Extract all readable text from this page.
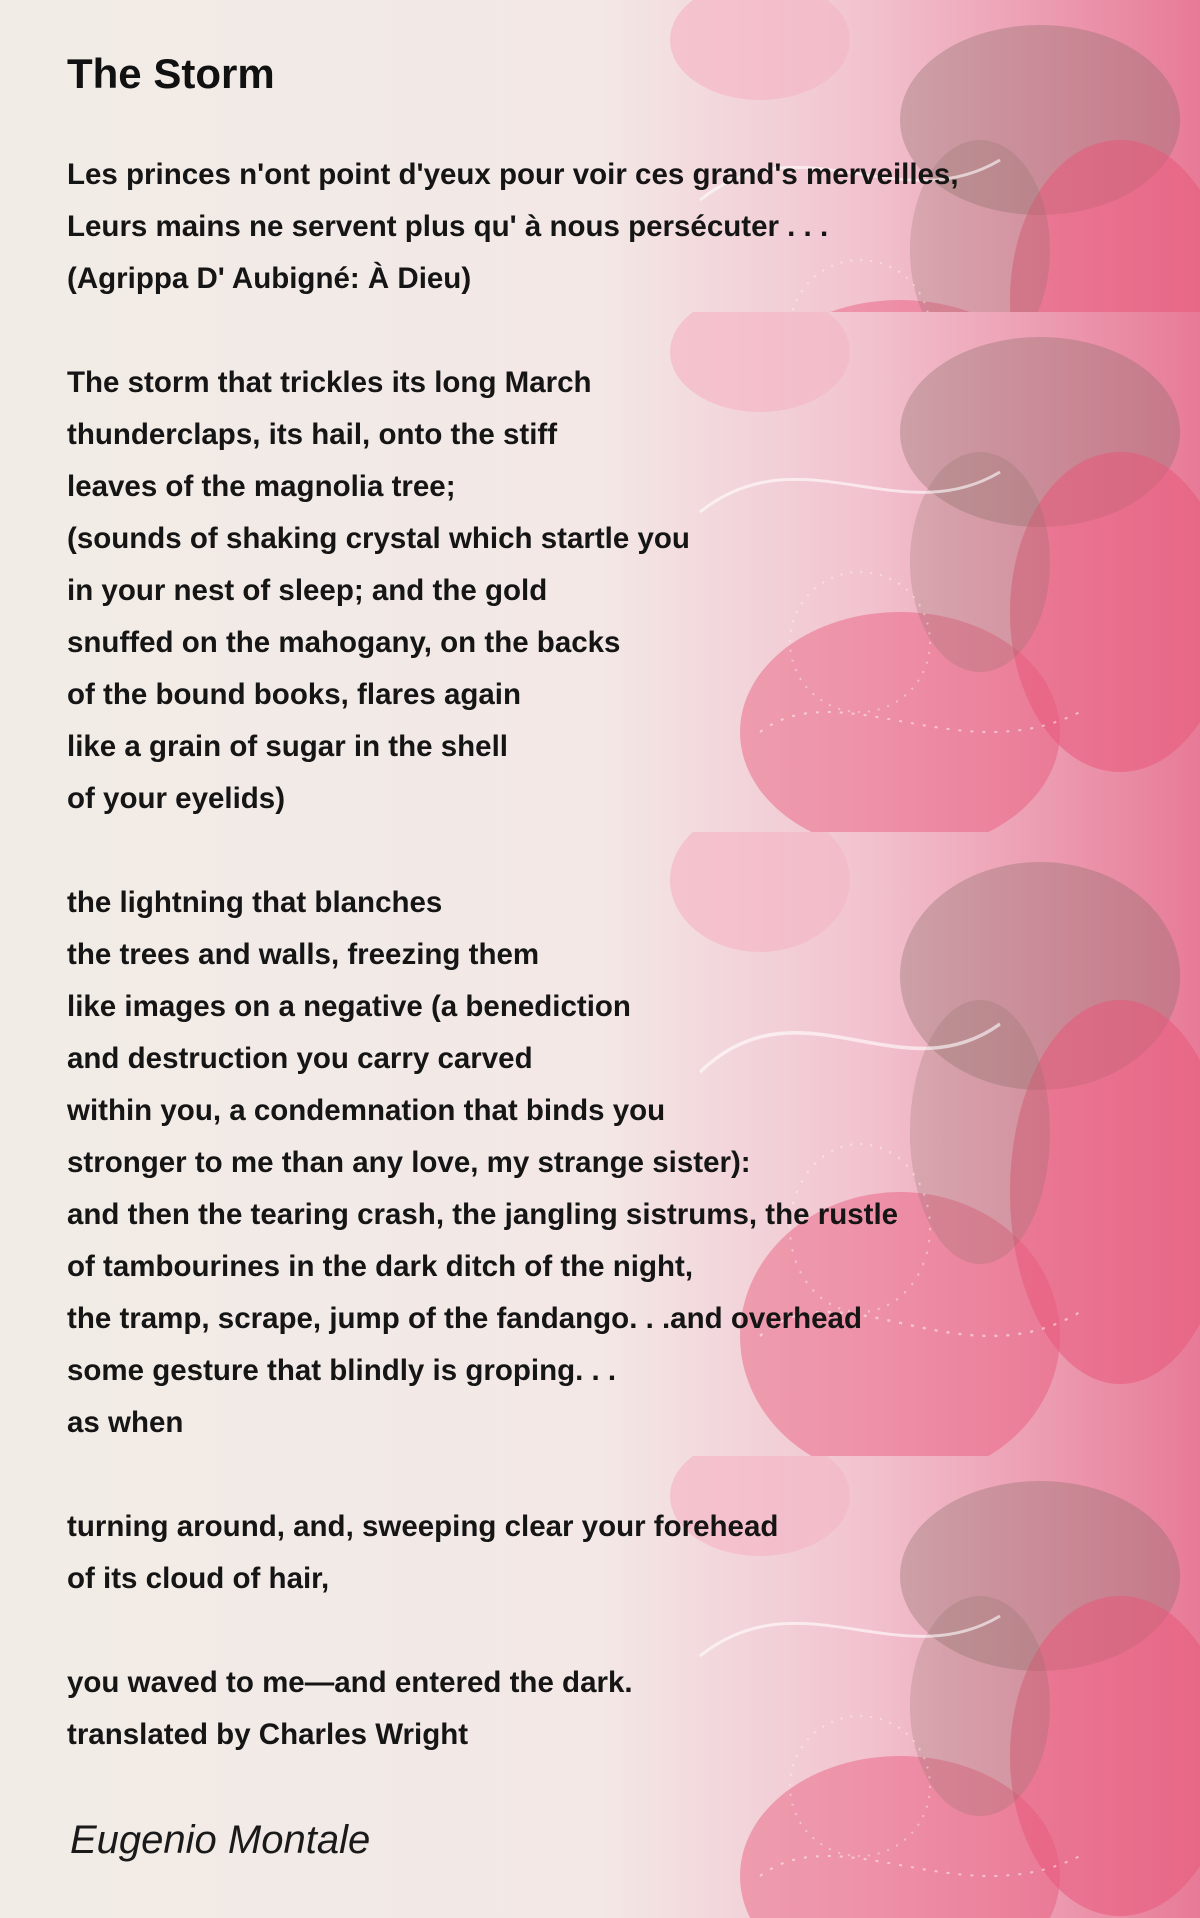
The Storm
Les princes n'ont point d'yeux pour voir ces grand's merveilles,
Leurs mains ne servent plus qu' à nous persécuter . . .
(Agrippa D' Aubigné: À Dieu)
The storm that trickles its long March
thunderclaps, its hail, onto the stiff
leaves of the magnolia tree;
(sounds of shaking crystal which startle you
in your nest of sleep; and the gold
snuffed on the mahogany, on the backs
of the bound books, flares again
like a grain of sugar in the shell
of your eyelids)
the lightning that blanches
the trees and walls, freezing them
like images on a negative (a benediction
and destruction you carry carved
within you, a condemnation that binds you
stronger to me than any love, my strange sister):
and then the tearing crash, the jangling sistrums, the rustle
of tambourines in the dark ditch of the night,
the tramp, scrape, jump of the fandango. . .and overhead
some gesture that blindly is groping. . .
as when
turning around, and, sweeping clear your forehead
of its cloud of hair,
you waved to me—and entered the dark.
translated by Charles Wright
Eugenio Montale
